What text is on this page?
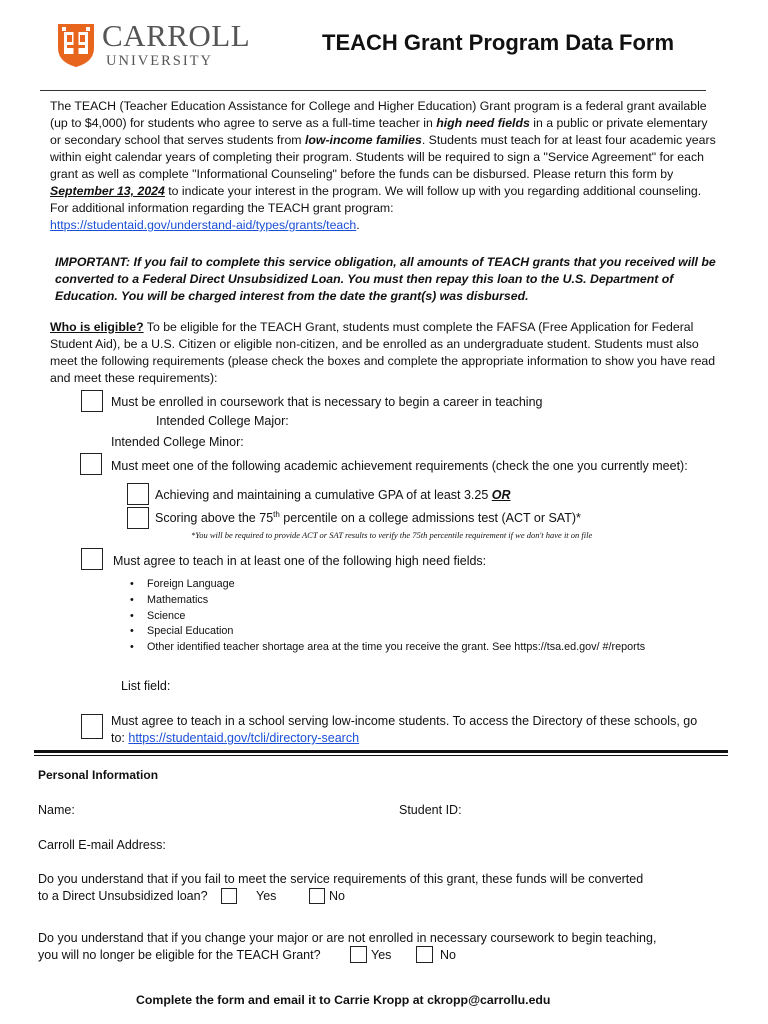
CARROLL
UNIVERSITY
TEACH Grant Program Data Form

The TEACH (Teacher Education Assistance for College and Higher Education) Grant program is a federal grant available (up to $4,000) for students who agree to serve as a full-time teacher in high need fields in a public or private elementary or secondary school that serves students from low-income families. Students must teach for at least four academic years within eight calendar years of completing their program. Students will be required to sign a "Service Agreement" for each grant as well as complete "Informational Counseling" before the funds can be disbursed. Please return this form by September 13, 2024 to indicate your interest in the program. We will follow up with you regarding additional counseling. For additional information regarding the TEACH grant program:
https://studentaid.gov/understand-aid/types/grants/teach.

IMPORTANT: If you fail to complete this service obligation, all amounts of TEACH grants that you received will be converted to a Federal Direct Unsubsidized Loan. You must then repay this loan to the U.S. Department of Education. You will be charged interest from the date the grant(s) was disbursed.

Who is eligible? To be eligible for the TEACH Grant, students must complete the FAFSA (Free Application for Federal Student Aid), be a U.S. Citizen or eligible non-citizen, and be enrolled as an undergraduate student. Students must also meet the following requirements (please check the boxes and complete the appropriate information to show you have read and meet these requirements):

Must be enrolled in coursework that is necessary to begin a career in teaching
Intended College Major:
Intended College Minor:
Must meet one of the following academic achievement requirements (check the one you currently meet):
Achieving and maintaining a cumulative GPA of at least 3.25 OR
Scoring above the 75th percentile on a college admissions test (ACT or SAT)*
*You will be required to provide ACT or SAT results to verify the 75th percentile requirement if we don't have it on file
Must agree to teach in at least one of the following high need fields:
• Foreign Language
• Mathematics
• Science
• Special Education
• Other identified teacher shortage area at the time you receive the grant. See https://tsa.ed.gov/ #/reports
List field:
Must agree to teach in a school serving low-income students. To access the Directory of these schools, go to: https://studentaid.gov/tcli/directory-search
Personal Information
Name:	Student ID:
Carroll E-mail Address:
Do you understand that if you fail to meet the service requirements of this grant, these funds will be converted
to a Direct Unsubsidized loan?	Yes	No
Do you understand that if you change your major or are not enrolled in necessary coursework to begin teaching,
you will no longer be eligible for the TEACH Grant?	Yes	No
Complete the form and email it to Carrie Kropp at ckropp@carrollu.edu
